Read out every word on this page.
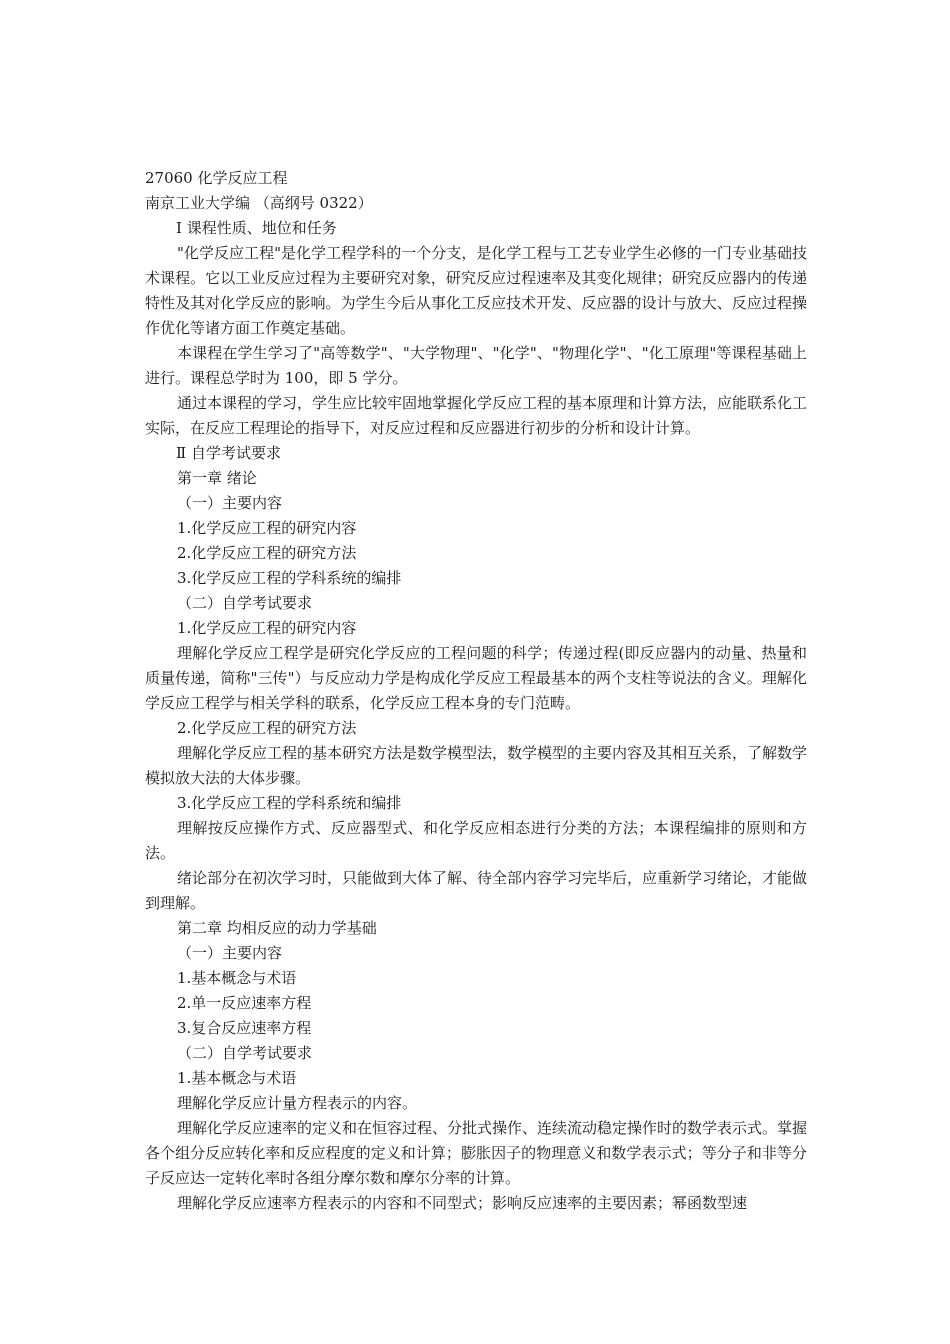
27060 化学反应工程
南京工业大学编 （高纲号 0322）
Ⅰ 课程性质、地位和任务

"化学反应工程"是化学工程学科的一个分支，是化学工程与工艺专业学生必修的一门专业基础技术课程。它以工业反应过程为主要研究对象，研究反应过程速率及其变化规律；研究反应器内的传递特性及其对化学反应的影响。为学生今后从事化工反应技术开发、反应器的设计与放大、反应过程操作优化等诸方面工作奠定基础。

本课程在学生学习了"高等数学"、"大学物理"、"化学"、"物理化学"、"化工原理"等课程基础上进行。课程总学时为 100，即 5 学分。

通过本课程的学习，学生应比较牢固地掌握化学反应工程的基本原理和计算方法，应能联系化工实际，在反应工程理论的指导下，对反应过程和反应器进行初步的分析和设计计算。

Ⅱ 自学考试要求
第一章 绪论
（一）主要内容
1.化学反应工程的研究内容
2.化学反应工程的研究方法
3.化学反应工程的学科系统的编排
（二）自学考试要求
1.化学反应工程的研究内容

理解化学反应工程学是研究化学反应的工程问题的科学；传递过程(即反应器内的动量、热量和质量传递，简称"三传"）与反应动力学是构成化学反应工程最基本的两个支柱等说法的含义。理解化学反应工程学与相关学科的联系，化学反应工程本身的专门范畴。

2.化学反应工程的研究方法

理解化学反应工程的基本研究方法是数学模型法，数学模型的主要内容及其相互关系，了解数学模拟放大法的大体步骤。

3.化学反应工程的学科系统和编排

理解按反应操作方式、反应器型式、和化学反应相态进行分类的方法；本课程编排的原则和方法。

绪论部分在初次学习时，只能做到大体了解、待全部内容学习完毕后，应重新学习绪论，才能做到理解。

第二章 均相反应的动力学基础
（一）主要内容
1.基本概念与术语
2.单一反应速率方程
3.复合反应速率方程
（二）自学考试要求
1.基本概念与术语

理解化学反应计量方程表示的内容。

理解化学反应速率的定义和在恒容过程、分批式操作、连续流动稳定操作时的数学表示式。掌握各个组分反应转化率和反应程度的定义和计算；膨胀因子的物理意义和数学表示式；等分子和非等分子反应达一定转化率时各组分摩尔数和摩尔分率的计算。

理解化学反应速率方程表示的内容和不同型式；影响反应速率的主要因素；幂函数型速
